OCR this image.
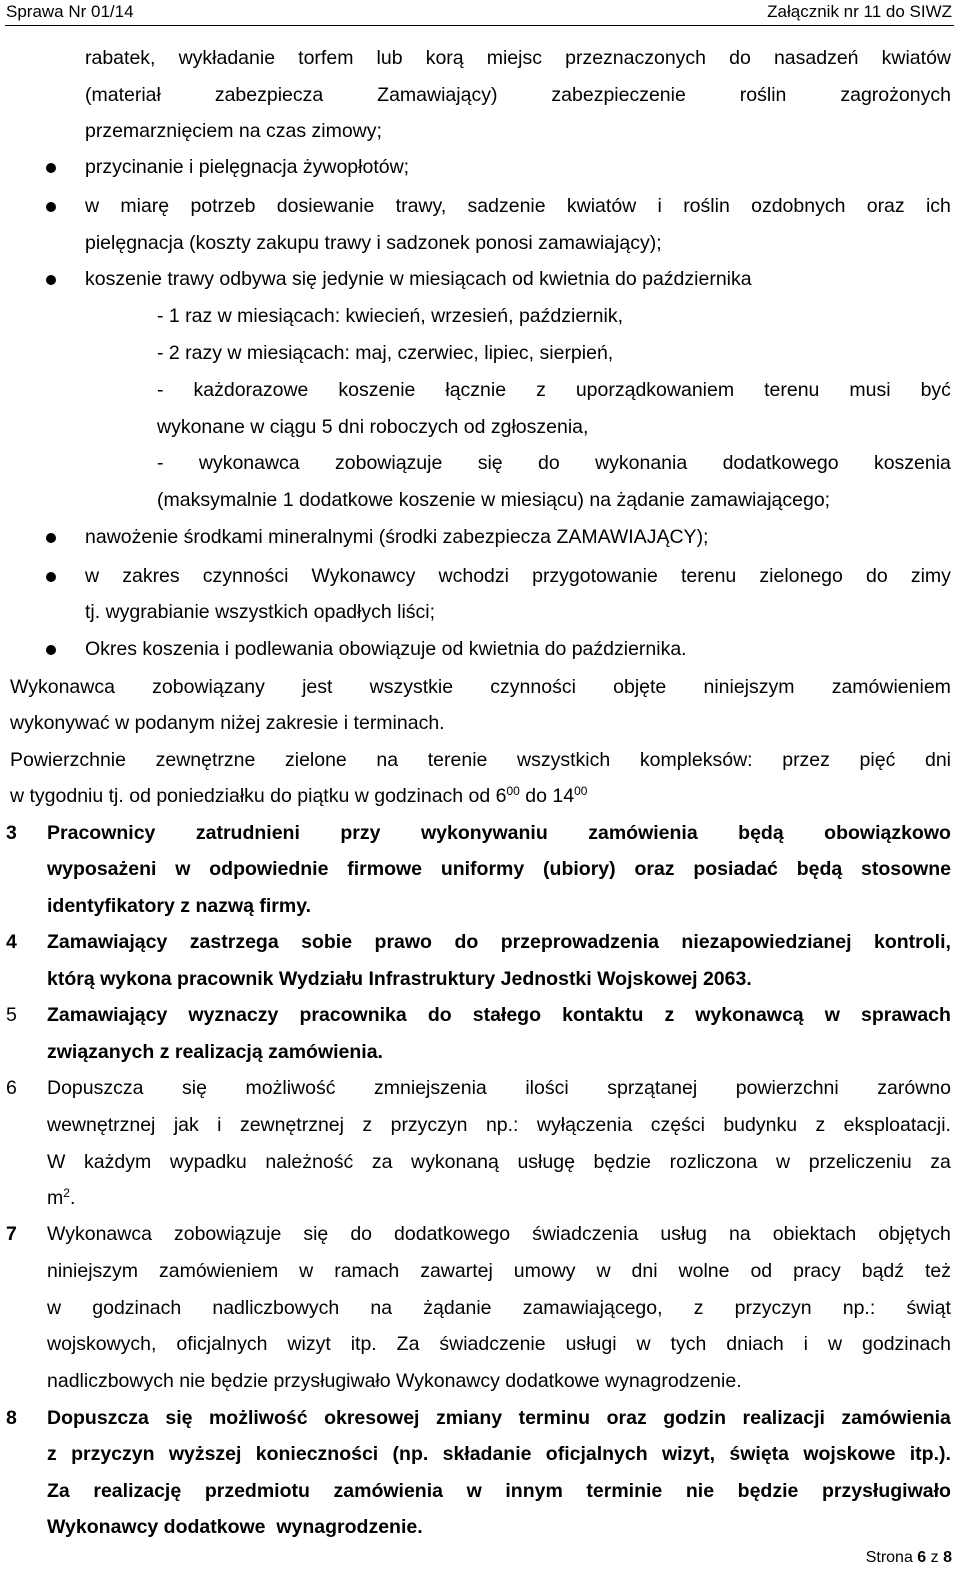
Sprawa Nr 01/14	Załącznik nr 11 do SIWZ
rabatek, wykładanie torfem lub korą miejsc przeznaczonych do nasadzeń kwiatów
(materiał	zabezpiecza	Zamawiający)	zabezpieczenie	roślin	zagrożonych
przemarznięciem na czas zimowy;
przycinanie i pielęgnacja żywopłotów;
w miarę potrzeb dosiewanie trawy, sadzenie kwiatów i roślin ozdobnych oraz ich
pielęgnacja (koszty zakupu trawy i sadzonek ponosi zamawiający);
koszenie trawy odbywa się jedynie w miesiącach od kwietnia do października
- 1 raz w miesiącach: kwiecień, wrzesień, październik,
- 2 razy w miesiącach: maj, czerwiec, lipiec, sierpień,
- każdorazowe koszenie łącznie z uporządkowaniem terenu musi być
wykonane w ciągu 5 dni roboczych od zgłoszenia,
- wykonawca zobowiązuje się do wykonania dodatkowego koszenia
(maksymalnie 1 dodatkowe koszenie w miesiącu) na żądanie zamawiającego;
nawożenie środkami mineralnymi (środki zabezpiecza ZAMAWIAJĄCY);
w zakres czynności Wykonawcy wchodzi przygotowanie terenu zielonego do zimy
tj. wygrabianie wszystkich opadłych liści;
Okres koszenia i podlewania obowiązuje od kwietnia do października.
Wykonawca zobowiązany jest wszystkie czynności objęte niniejszym zamówieniem
wykonywać w podanym niżej zakresie i terminach.
Powierzchnie zewnętrzne zielone na terenie wszystkich kompleksów: przez pięć dni
w tygodniu tj. od poniedziałku do piątku w godzinach od $6^{00}$ do $14^{00}$
3 Pracownicy zatrudnieni przy wykonywaniu zamówienia będą obowiązkowo
wyposażeni w odpowiednie firmowe uniformy (ubiory) oraz posiadać będą stosowne
identyfikatory z nazwą firmy.
4 Zamawiający zastrzega sobie prawo do przeprowadzenia niezapowiedzianej kontroli,
którą wykona pracownik Wydziału Infrastruktury Jednostki Wojskowej 2063.
5 Zamawiający wyznaczy pracownika do stałego kontaktu z wykonawcą w sprawach
związanych z realizacją zamówienia.
6 Dopuszcza się możliwość zmniejszenia ilości sprzątanej powierzchni zarówno
wewnętrznej jak i zewnętrznej z przyczyn np.: wyłączenia części budynku z eksploatacji.
W każdym wypadku należność za wykonaną usługę będzie rozliczona w przeliczeniu za
$m^2$.
7 Wykonawca zobowiązuje się do dodatkowego świadczenia usług na obiektach objętych
niniejszym zamówieniem w ramach zawartej umowy w dni wolne od pracy bądź też
w godzinach nadliczbowych na żądanie zamawiającego, z przyczyn np.: świąt
wojskowych, oficjalnych wizyt itp. Za świadczenie usługi w tych dniach i w godzinach
nadliczbowych nie będzie przysługiwało Wykonawcy dodatkowe wynagrodzenie.
8 Dopuszcza się możliwość okresowej zmiany terminu oraz godzin realizacji zamówienia
z przyczyn wyższej konieczności (np. składanie oficjalnych wizyt, święta wojskowe itp.).
Za realizację przedmiotu zamówienia w innym terminie nie będzie przysługiwało
Wykonawcy dodatkowe  wynagrodzenie.
Strona 6 z 8
